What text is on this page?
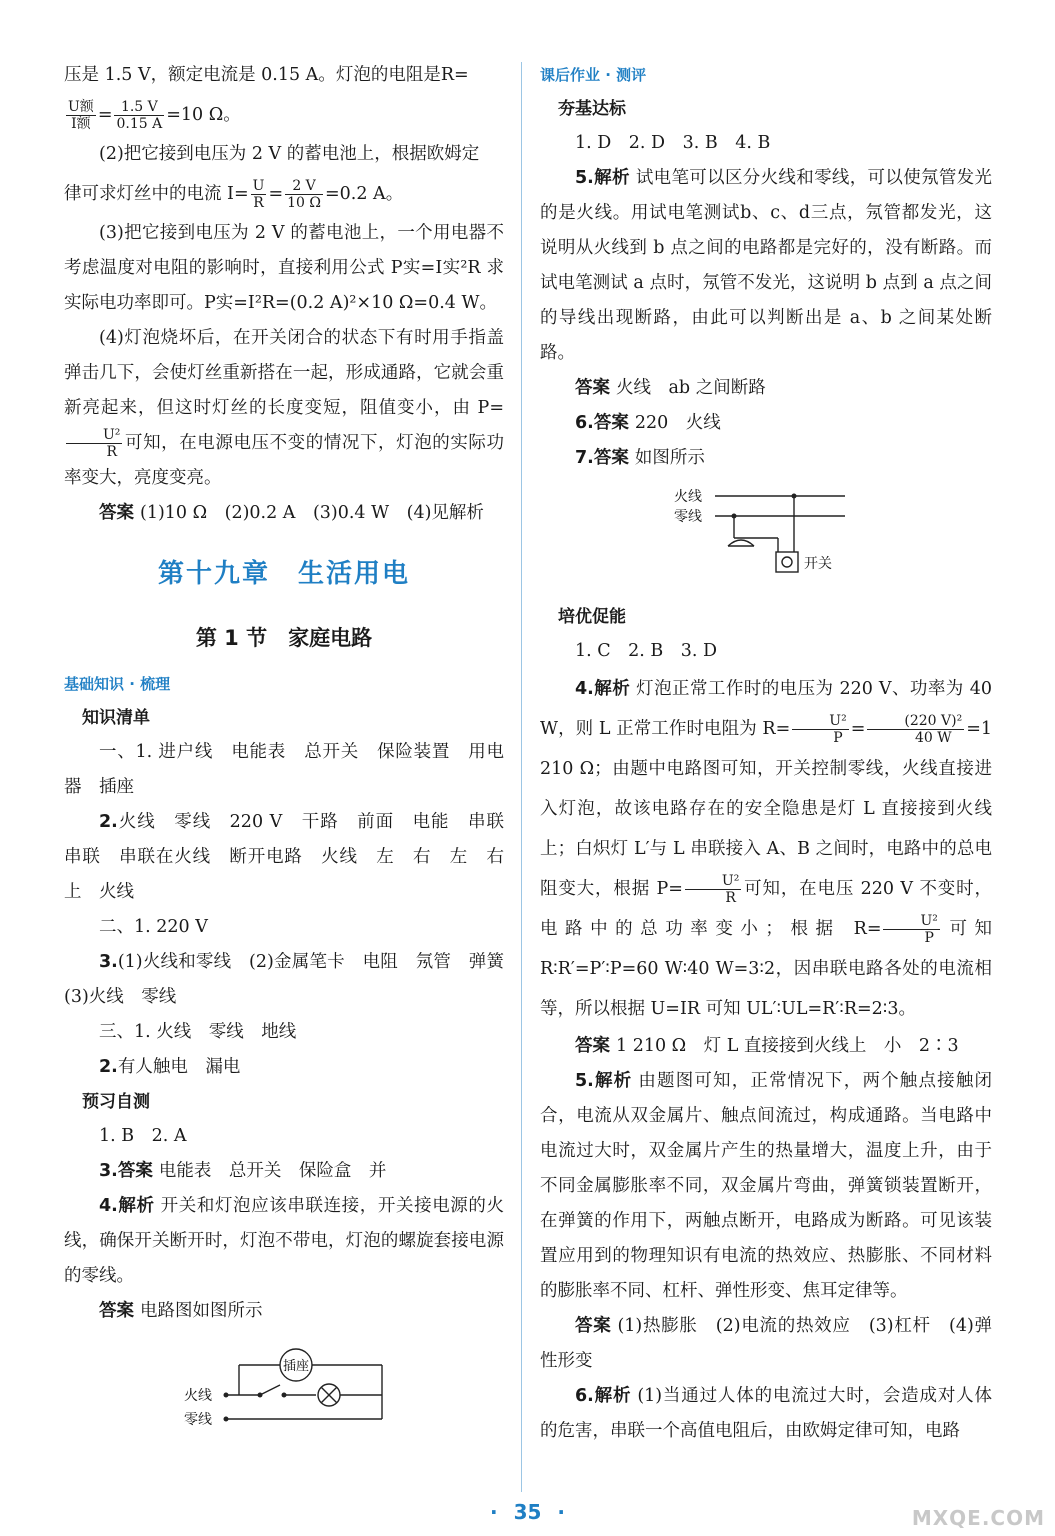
压是 1.5 V，额定电流是 0.15 A。灯泡的电阻是R=

$\frac{\text{U额}}{\text{I额}} = \frac{1.5 V}{0.15 A} =10$ Ω。

(2)把它接到电压为 2 V 的蓄电池上，根据欧姆定

律可求灯丝中的电流 $I= \frac{U}{R} = \frac{2 V}{10 \Omega} =0.2$ A。

(3)把它接到电压为 2 V 的蓄电池上，一个用电器不考虑温度对电阻的影响时，直接利用公式 P实=I实²R 求实际电功率即可。P实=I²R=(0.2 A)²×10 Ω=0.4 W。

(4)灯泡烧坏后，在开关闭合的状态下有时用手指盖弹击几下，会使灯丝重新搭在一起，形成通路，它就会重新亮起来，但这时灯丝的长度变短，阻值变小，由 P=
$\frac{\text{U²}}{R}$ 可知，在电源电压不变的情况下，灯泡的实际功率变大，亮度变亮。

答案 (1)10 Ω　(2)0.2 A　(3)0.4 W　(4)见解析

第十九章　生活用电

第 1 节　家庭电路

基础知识 · 梳理

知识清单

一、1. 进户线　电能表　总开关　保险装置　用电器　插座

2.火线　零线　220 V　干路　前面　电能　串联　串联　串联在火线　断开电路　火线　左　右　左　右　上　火线

二、1. 220 V

3.(1)火线和零线　(2)金属笔卡　电阻　氖管　弹簧　(3)火线　零线

三、1. 火线　零线　地线

2.有人触电　漏电

预习自测

1. B　2. A

3.答案 电能表　总开关　保险盒　并

4.解析 开关和灯泡应该串联连接，开关接电源的火线，确保开关断开时，灯泡不带电，灯泡的螺旋套接电源的零线。

答案 电路图如图所示

插座
火线
零线

课后作业 · 测评

夯基达标

1. D　2. D　3. B　4. B

5.解析 试电笔可以区分火线和零线，可以使氖管发光的是火线。用试电笔测试b、c、d三点，氖管都发光，这说明从火线到 b 点之间的电路都是完好的，没有断路。而试电笔测试 a 点时，氖管不发光，这说明 b 点到 a 点之间的导线出现断路，由此可以判断出是 a、b 之间某处断路。

答案 火线　ab 之间断路

6.答案 220　火线

7.答案 如图所示

火线
零线
开关

培优促能

1. C　2. B　3. D

4.解析 灯泡正常工作时的电压为 220 V、功率为 40 W，则 L 正常工作时电阻为 $R= \frac{\text{U²}}{P} = \frac{\text{(220 V)²}}{40 W} =1$ 210 Ω；由题中电路图可知，开关控制零线，火线直接进入灯泡，故该电路存在的安全隐患是灯 L 直接接到火线上；白炽灯 L′与 L 串联接入 A、B 之间时，电路中的总电阻变大，根据 $P= \frac{\text{U²}}{R}$ 可知，在电压 220 V 不变时，电路中的总功率变小；根据 $R= \frac{\text{U²}}{P}$ 可知 R∶R′=P′∶P=60 W∶40 W=3∶2，因串联电路各处的电流相等，所以根据 U=IR 可知 UL′∶UL=R′∶R=2∶3。

答案 1 210 Ω　灯 L 直接接到火线上　小　2∶3

5.解析 由题图可知，正常情况下，两个触点接触闭合，电流从双金属片、触点间流过，构成通路。当电路中电流过大时，双金属片产生的热量增大，温度上升，由于不同金属膨胀率不同，双金属片弯曲，弹簧锁装置断开，在弹簧的作用下，两触点断开，电路成为断路。可见该装置应用到的物理知识有电流的热效应、热膨胀、不同材料的膨胀率不同、杠杆、弹性形变、焦耳定律等。

答案 (1)热膨胀　(2)电流的热效应　(3)杠杆　(4)弹性形变

6.解析 (1)当通过人体的电流过大时，会造成对人体的危害，串联一个高值电阻后，由欧姆定律可知，电路

· 35 ·	MXQE.COM
